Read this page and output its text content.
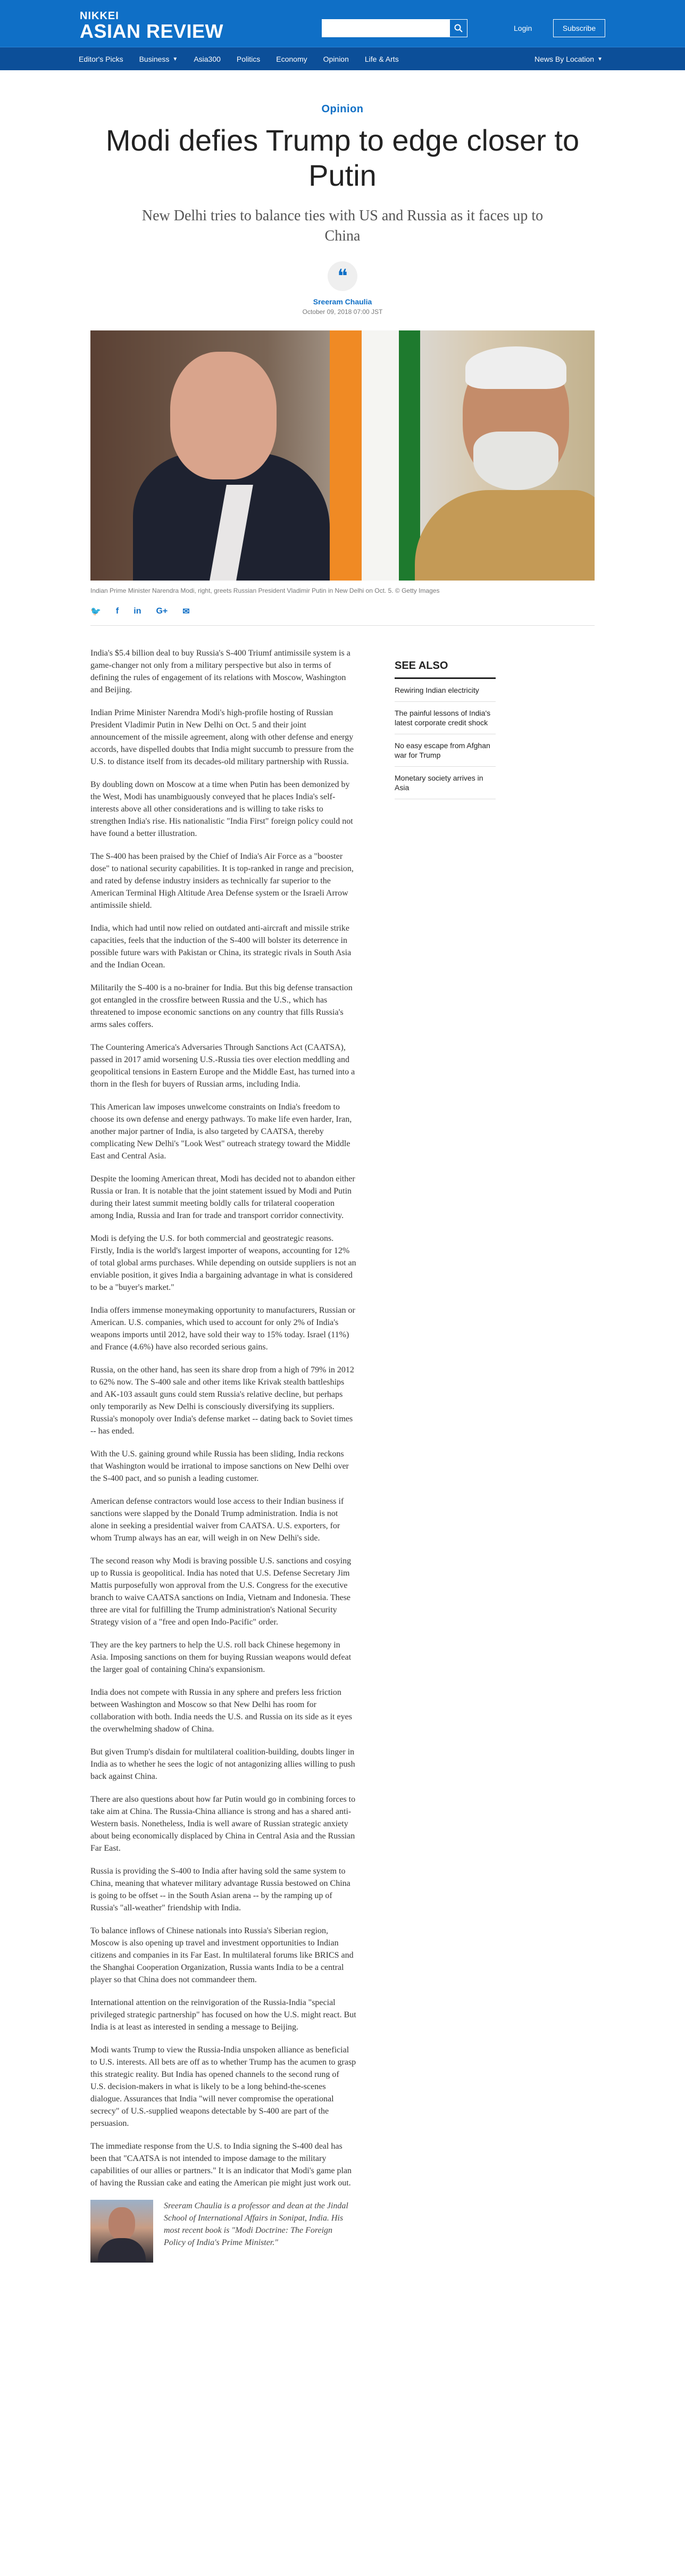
NIKKEI
ASIAN REVIEW	Login	Subscribe
Editor's Picks Business ▼ Asia300 Politics Economy Opinion Life & Arts	News By Location ▼
Opinion
Modi defies Trump to edge closer to Putin
New Delhi tries to balance ties with US and Russia as it faces up to China
❝
Sreeram Chaulia
October 09, 2018 07:00 JST
Indian Prime Minister Narendra Modi, right, greets Russian President Vladimir Putin in New Delhi on Oct. 5. © Getty Images
🐦 f in G+ ✉

India's $5.4 billion deal to buy Russia's S-400 Triumf antimissile system is a game-changer not only from a military perspective but also in terms of defining the rules of engagement of its relations with Moscow, Washington and Beijing.

Indian Prime Minister Narendra Modi's high-profile hosting of Russian President Vladimir Putin in New Delhi on Oct. 5 and their joint announcement of the missile agreement, along with other defense and energy accords, have dispelled doubts that India might succumb to pressure from the U.S. to distance itself from its decades-old military partnership with Russia.

By doubling down on Moscow at a time when Putin has been demonized by the West, Modi has unambiguously conveyed that he places India's self-interests above all other considerations and is willing to take risks to strengthen India's rise. His nationalistic "India First" foreign policy could not have found a better illustration.

The S-400 has been praised by the Chief of India's Air Force as a "booster dose" to national security capabilities. It is top-ranked in range and precision, and rated by defense industry insiders as technically far superior to the American Terminal High Altitude Area Defense system or the Israeli Arrow antimissile shield.

India, which had until now relied on outdated anti-aircraft and missile strike capacities, feels that the induction of the S-400 will bolster its deterrence in possible future wars with Pakistan or China, its strategic rivals in South Asia and the Indian Ocean.

Militarily the S-400 is a no-brainer for India. But this big defense transaction got entangled in the crossfire between Russia and the U.S., which has threatened to impose economic sanctions on any country that fills Russia's arms sales coffers.

The Countering America's Adversaries Through Sanctions Act (CAATSA), passed in 2017 amid worsening U.S.-Russia ties over election meddling and geopolitical tensions in Eastern Europe and the Middle East, has turned into a thorn in the flesh for buyers of Russian arms, including India.

This American law imposes unwelcome constraints on India's freedom to choose its own defense and energy pathways. To make life even harder, Iran, another major partner of India, is also targeted by CAATSA, thereby complicating New Delhi's "Look West" outreach strategy toward the Middle East and Central Asia.

Despite the looming American threat, Modi has decided not to abandon either Russia or Iran. It is notable that the joint statement issued by Modi and Putin during their latest summit meeting boldly calls for trilateral cooperation among India, Russia and Iran for trade and transport corridor connectivity.

Modi is defying the U.S. for both commercial and geostrategic reasons. Firstly, India is the world's largest importer of weapons, accounting for 12% of total global arms purchases. While depending on outside suppliers is not an enviable position, it gives India a bargaining advantage in what is considered to be a "buyer's market."

India offers immense moneymaking opportunity to manufacturers, Russian or American. U.S. companies, which used to account for only 2% of India's weapons imports until 2012, have sold their way to 15% today. Israel (11%) and France (4.6%) have also recorded serious gains.

Russia, on the other hand, has seen its share drop from a high of 79% in 2012 to 62% now. The S-400 sale and other items like Krivak stealth battleships and AK-103 assault guns could stem Russia's relative decline, but perhaps only temporarily as New Delhi is consciously diversifying its suppliers. Russia's monopoly over India's defense market -- dating back to Soviet times -- has ended.

With the U.S. gaining ground while Russia has been sliding, India reckons that Washington would be irrational to impose sanctions on New Delhi over the S-400 pact, and so punish a leading customer.

American defense contractors would lose access to their Indian business if sanctions were slapped by the Donald Trump administration. India is not alone in seeking a presidential waiver from CAATSA. U.S. exporters, for whom Trump always has an ear, will weigh in on New Delhi's side.

The second reason why Modi is braving possible U.S. sanctions and cosying up to Russia is geopolitical. India has noted that U.S. Defense Secretary Jim Mattis purposefully won approval from the U.S. Congress for the executive branch to waive CAATSA sanctions on India, Vietnam and Indonesia. These three are vital for fulfilling the Trump administration's National Security Strategy vision of a "free and open Indo-Pacific" order.

They are the key partners to help the U.S. roll back Chinese hegemony in Asia. Imposing sanctions on them for buying Russian weapons would defeat the larger goal of containing China's expansionism.

India does not compete with Russia in any sphere and prefers less friction between Washington and Moscow so that New Delhi has room for collaboration with both. India needs the U.S. and Russia on its side as it eyes the overwhelming shadow of China.

But given Trump's disdain for multilateral coalition-building, doubts linger in India as to whether he sees the logic of not antagonizing allies willing to push back against China.

There are also questions about how far Putin would go in combining forces to take aim at China. The Russia-China alliance is strong and has a shared anti-Western basis. Nonetheless, India is well aware of Russian strategic anxiety about being economically displaced by China in Central Asia and the Russian Far East.

Russia is providing the S-400 to India after having sold the same system to China, meaning that whatever military advantage Russia bestowed on China is going to be offset -- in the South Asian arena -- by the ramping up of Russia's "all-weather" friendship with India.

To balance inflows of Chinese nationals into Russia's Siberian region, Moscow is also opening up travel and investment opportunities to Indian citizens and companies in its Far East. In multilateral forums like BRICS and the Shanghai Cooperation Organization, Russia wants India to be a central player so that China does not commandeer them.

International attention on the reinvigoration of the Russia-India "special privileged strategic partnership" has focused on how the U.S. might react. But India is at least as interested in sending a message to Beijing.

Modi wants Trump to view the Russia-India unspoken alliance as beneficial to U.S. interests. All bets are off as to whether Trump has the acumen to grasp this strategic reality. But India has opened channels to the second rung of U.S. decision-makers in what is likely to be a long behind-the-scenes dialogue. Assurances that India "will never compromise the operational secrecy" of U.S.-supplied weapons detectable by S-400 are part of the persuasion.

The immediate response from the U.S. to India signing the S-400 deal has been that "CAATSA is not intended to impose damage to the military capabilities of our allies or partners." It is an indicator that Modi's game plan of having the Russian cake and eating the American pie might just work out.

Sreeram Chaulia is a professor and dean at the Jindal School of International Affairs in Sonipat, India. His most recent book is "Modi Doctrine: The Foreign Policy of India's Prime Minister."
SEE ALSO
Rewiring Indian electricity
The painful lessons of India's latest corporate credit shock
No easy escape from Afghan war for Trump
Monetary society arrives in Asia
